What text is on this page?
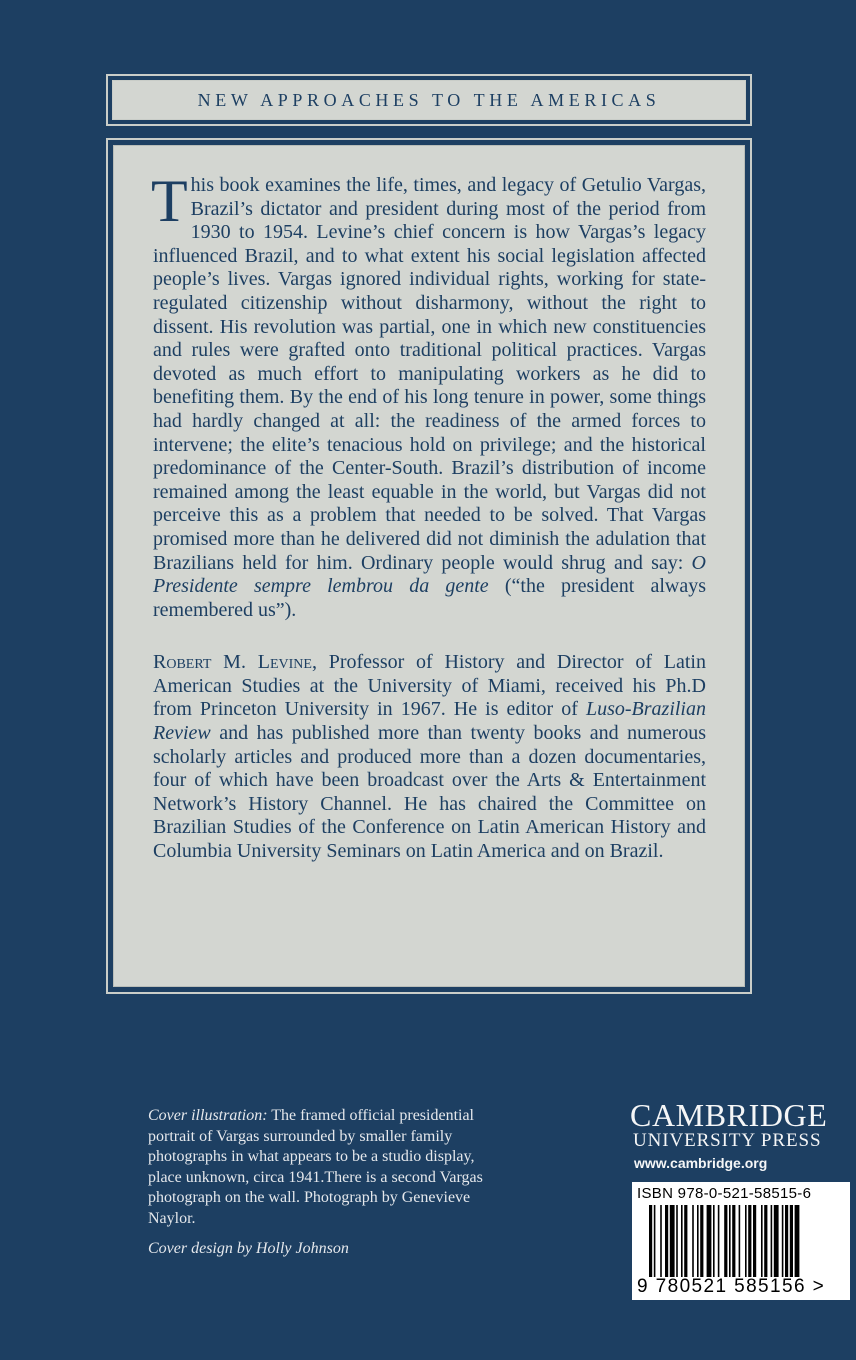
NEW APPROACHES TO THE AMERICAS

This book examines the life, times, and legacy of Getulio Vargas, Brazil’s dictator and president during most of the period from 1930 to 1954. Levine’s chief concern is how Vargas’s legacy influenced Brazil, and to what extent his social legislation affected people’s lives. Vargas ignored individual rights, working for state-regulated citizenship without disharmony, without the right to dissent. His revolution was partial, one in which new constituencies and rules were grafted onto traditional political practices. Vargas devoted as much effort to manipulating workers as he did to benefiting them. By the end of his long tenure in power, some things had hardly changed at all: the readiness of the armed forces to intervene; the elite’s tenacious hold on privilege; and the historical predominance of the Center-South. Brazil’s distribution of income remained among the least equable in the world, but Vargas did not perceive this as a problem that needed to be solved. That Vargas promised more than he delivered did not diminish the adulation that Brazilians held for him. Ordinary people would shrug and say: O Presidente sempre lembrou da gente (“the president always remembered us”).

Robert M. Levine, Professor of History and Director of Latin American Studies at the University of Miami, received his Ph.D from Princeton University in 1967. He is editor of Luso-Brazilian Review and has published more than twenty books and numerous scholarly articles and produced more than a dozen documentaries, four of which have been broadcast over the Arts & Entertainment Network’s History Channel. He has chaired the Committee on Brazilian Studies of the Conference on Latin American History and Columbia University Seminars on Latin America and on Brazil.

Cover illustration: The framed official presidential portrait of Vargas surrounded by smaller family photographs in what appears to be a studio display, place unknown, circa 1941.There is a second Vargas photograph on the wall. Photograph by Genevieve Naylor.

Cover design by Holly Johnson

CAMBRIDGE
UNIVERSITY PRESS
www.cambridge.org
ISBN 978-0-521-58515-6
9 780521 585156 >
